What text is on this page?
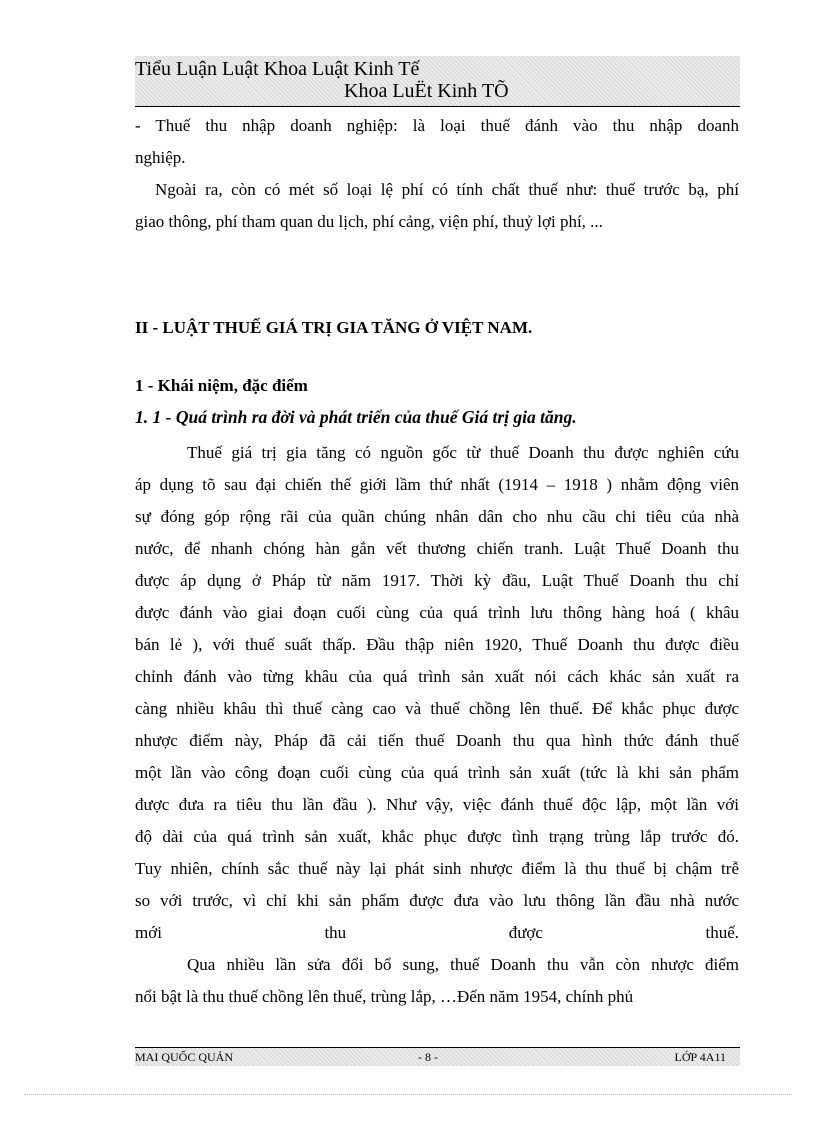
Tiểu Luận Luật Khoa Luật Kinh Tế
Khoa LuËt Kinh TÕ
- Thuế thu nhập doanh nghiệp: là loại thuế đánh vào thu nhập doanh
nghiệp.
Ngoài ra, còn có mét số loại lệ phí có tính chất thuế như: thuế trước bạ, phí
giao thông, phí tham quan du lịch, phí cảng, viện phí, thuỷ lợi phí, ...
II - LUẬT THUẾ GIÁ TRỊ GIA TĂNG Ở VIỆT NAM.
1 - Khái niệm, đặc điểm
1. 1 - Quá trình ra đời và phát triển của thuế Giá trị gia tăng.
Thuế giá trị gia tăng có nguồn gốc từ thuế Doanh thu được nghiên cứu
áp dụng tõ sau đại chiến thế giới lầm thứ nhất (1914 – 1918 ) nhằm động viên
sự đóng góp rộng rãi của quần chúng nhân dân cho nhu cầu chi tiêu của nhà
nước, để nhanh chóng hàn gắn vết thương chiến tranh. Luật Thuế Doanh thu
được áp dụng ở Pháp từ năm 1917. Thời kỳ đầu, Luật Thuế Doanh thu chỉ
được đánh vào giai đoạn cuối cùng của quá trình lưu thông hàng hoá ( khâu
bán lẻ ), với thuế suất thấp. Đầu thập niên 1920, Thuế Doanh thu được điều
chỉnh đánh vào từng khâu của quá trình sản xuất nói cách khác sản xuất ra
càng nhiều khâu thì thuế càng cao và thuế chồng lên thuế. Để khắc phục được
nhược điểm này, Pháp đã cải tiến thuế Doanh thu qua hình thức đánh thuế
một lần vào công đoạn cuối cùng của quá trình sản xuất (tức là khi sản phẩm
được đưa ra tiêu thu lần đầu ). Như vậy, việc đánh thuế độc lập, một lần với
độ dài của quá trình sản xuất, khắc phục được tình trạng trùng lắp trước đó.
Tuy nhiên, chính sắc thuế này lại phát sinh nhược điểm là thu thuế bị chậm trễ
so với trước, vì chỉ khi sản phẩm được đưa vào lưu thông lần đầu nhà nước
mới thu được thuế.
Qua nhiều lần sửa đổi bổ sung, thuế Doanh thu vẫn còn nhược điểm
nổi bật là thu thuế chồng lên thuế, trùng lắp, …Đến năm 1954, chính phủ
MAI QUỐC QUẢN	- 8 -	LỚP 4A11
